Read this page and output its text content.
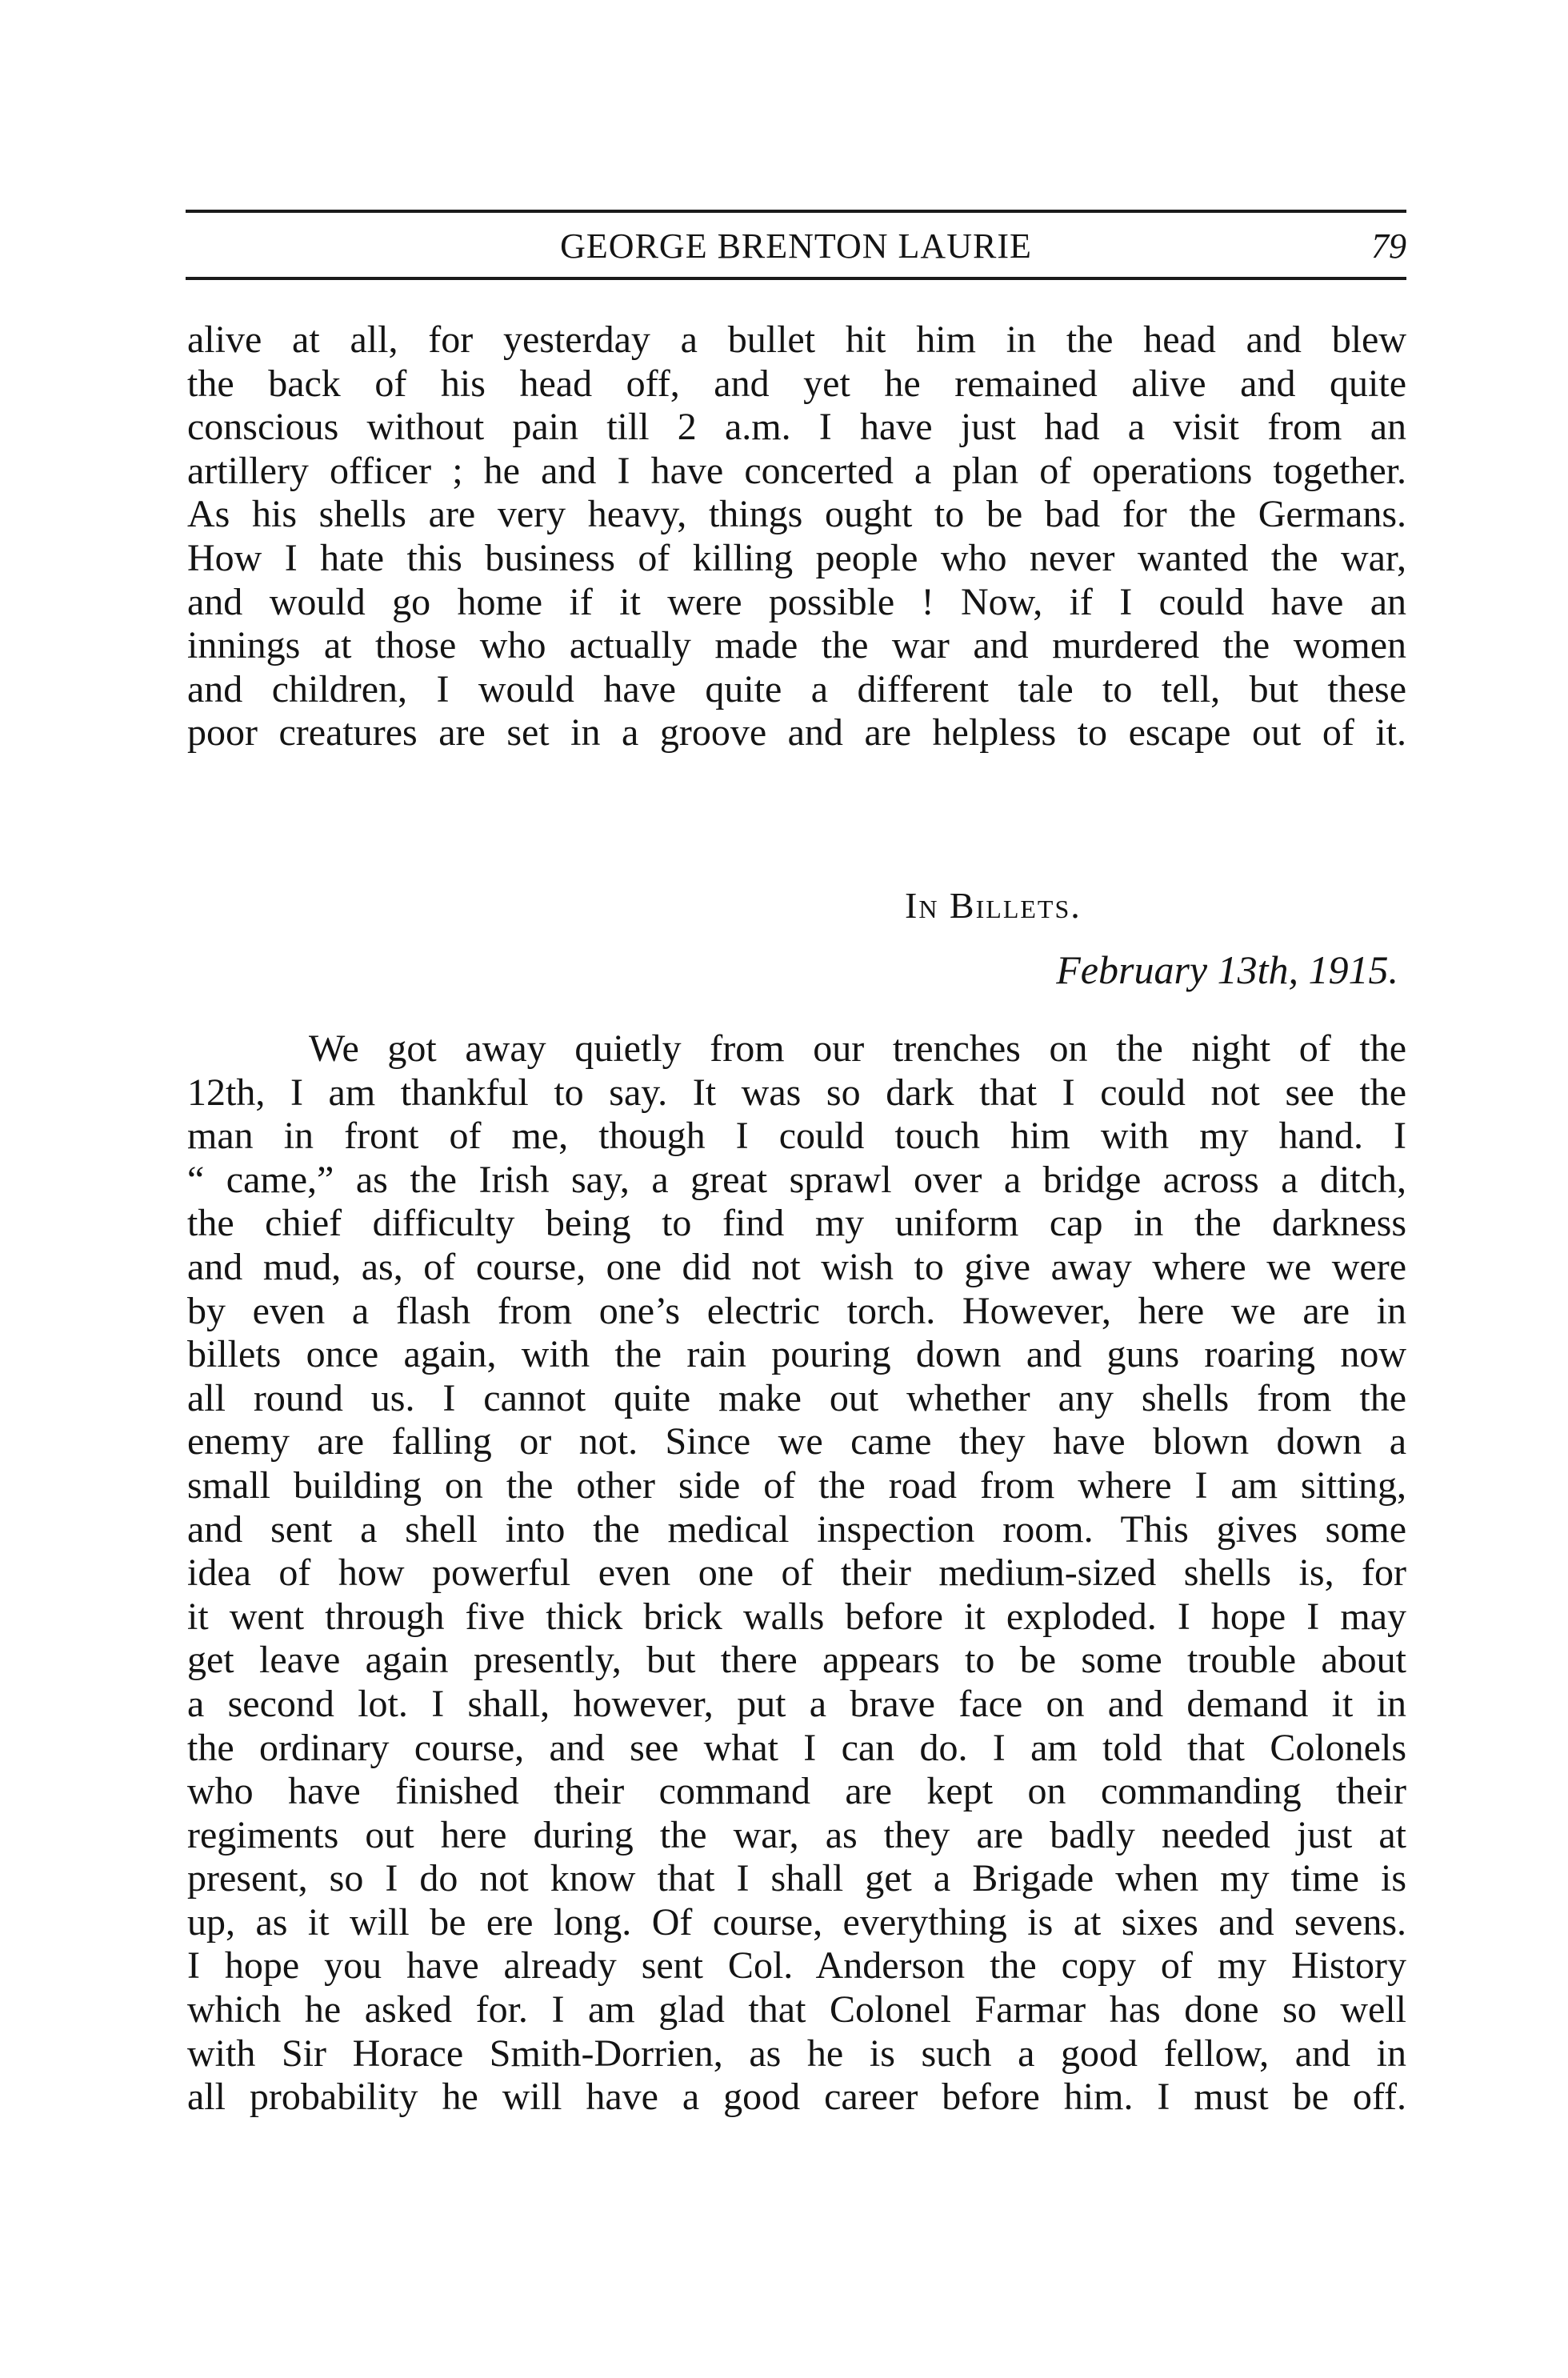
GEORGE BRENTON LAURIE	79
alive at all, for yesterday a bullet hit him in the head and blew
the back of his head off, and yet he remained alive and quite
conscious without pain till 2 a.m. I have just had a visit from an
artillery officer ; he and I have concerted a plan of operations together.
As his shells are very heavy, things ought to be bad for the Germans.
How I hate this business of killing people who never wanted the war,
and would go home if it were possible ! Now, if I could have an
innings at those who actually made the war and murdered the women
and children, I would have quite a different tale to tell, but these
poor creatures are set in a groove and are helpless to escape out of it.
In Billets.
February 13th, 1915.
We got away quietly from our trenches on the night of the
12th, I am thankful to say. It was so dark that I could not see the
man in front of me, though I could touch him with my hand. I
“ came,” as the Irish say, a great sprawl over a bridge across a ditch,
the chief difficulty being to find my uniform cap in the darkness
and mud, as, of course, one did not wish to give away where we were
by even a flash from one’s electric torch. However, here we are in
billets once again, with the rain pouring down and guns roaring now
all round us. I cannot quite make out whether any shells from the
enemy are falling or not. Since we came they have blown down a
small building on the other side of the road from where I am sitting,
and sent a shell into the medical inspection room. This gives some
idea of how powerful even one of their medium-sized shells is, for
it went through five thick brick walls before it exploded. I hope I may
get leave again presently, but there appears to be some trouble about
a second lot. I shall, however, put a brave face on and demand it in
the ordinary course, and see what I can do. I am told that Colonels
who have finished their command are kept on commanding their
regiments out here during the war, as they are badly needed just at
present, so I do not know that I shall get a Brigade when my time is
up, as it will be ere long. Of course, everything is at sixes and sevens.
I hope you have already sent Col. Anderson the copy of my History
which he asked for. I am glad that Colonel Farmar has done so well
with Sir Horace Smith-Dorrien, as he is such a good fellow, and in
all probability he will have a good career before him. I must be off.
